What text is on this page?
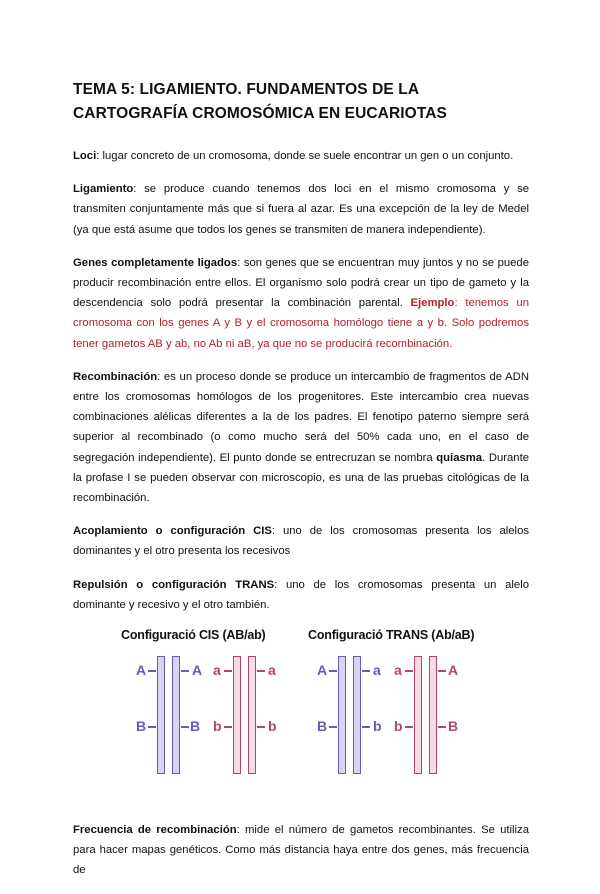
TEMA 5: LIGAMIENTO. FUNDAMENTOS DE LA CARTOGRAFÍA CROMOSÓMICA EN EUCARIOTAS

Loci: lugar concreto de un cromosoma, donde se suele encontrar un gen o un conjunto.

Ligamiento: se produce cuando tenemos dos loci en el mismo cromosoma y se transmiten conjuntamente más que si fuera al azar. Es una excepción de la ley de Medel (ya que está asume que todos los genes se transmiten de manera independiente).

Genes completamente ligados: son genes que se encuentran muy juntos y no se puede producir recombinación entre ellos. El organismo solo podrá crear un tipo de gameto y la descendencia solo podrá presentar la combinación parental. Ejemplo: tenemos un cromosoma con los genes A y B y el cromosoma homólogo tiene a y b. Solo podremos tener gametos AB y ab, no Ab ni aB, ya que no se producirá recombinación.

Recombinación: es un proceso donde se produce un intercambio de fragmentos de ADN entre los cromosomas homólogos de los progenitores. Este intercambio crea nuevas combinaciones alélicas diferentes a la de los padres. El fenotipo paterno siempre será superior al recombinado (o como mucho será del 50% cada uno, en el caso de segregación independiente). El punto donde se entrecruzan se nombra quiasma. Durante la profase I se pueden observar con microscopio, es una de las pruebas citológicas de la recombinación.

Acoplamiento o configuración CIS: uno de los cromosomas presenta los alelos dominantes y el otro presenta los recesivos

Repulsión o configuración TRANS: uno de los cromosomas presenta un alelo dominante y recesivo y el otro también.

Configuració CIS (AB/ab)	Configuració TRANS (Ab/aB)
A	A
B	B
a	a
b	b
A	a
B	b
a	A
b	B

Frecuencia de recombinación: mide el número de gametos recombinantes. Se utiliza para hacer mapas genéticos. Como más distancia haya entre dos genes, más frecuencia de
